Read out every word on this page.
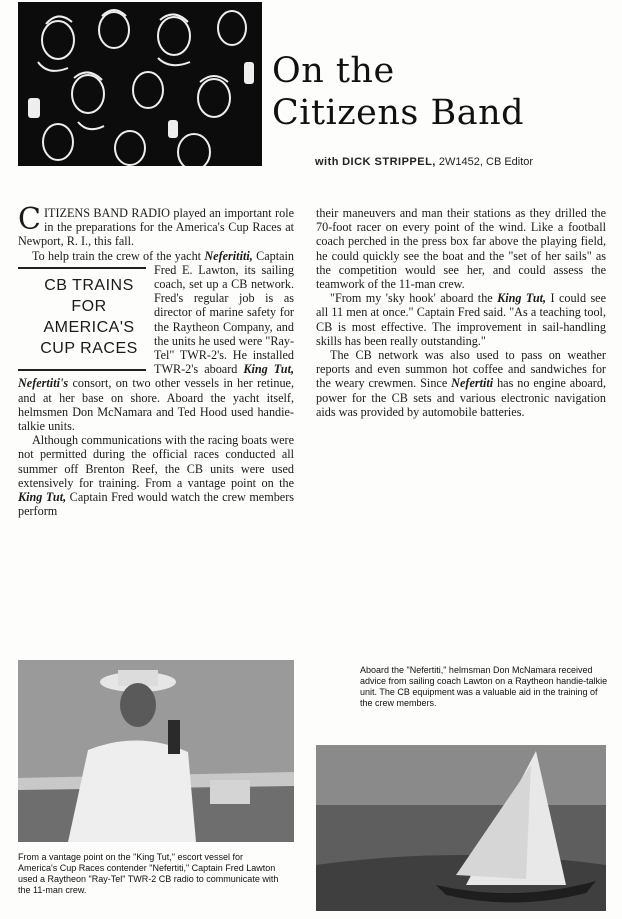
On the
Citizens Band
with DICK STRIPPEL, 2W1452, CB Editor

CITIZENS BAND RADIO played an important role in the preparations for the America's Cup Races at Newport, R. I., this fall.

To help train the crew of the yacht Neferititi,
CB TRAINS
FOR
AMERICA'S
CUP RACES
Captain Fred E. Lawton, its sailing coach, set up a CB network. Fred's regular job is as director of marine safety for the Raytheon Company, and the units he used were "Ray-Tel" TWR-2's. He installed TWR-2's aboard King Tut, Nefertiti's consort, on two other vessels in her retinue, and at her base on shore. Aboard the yacht itself, helmsmen Don McNamara and Ted Hood used handie-talkie units.

Although communications with the racing boats were not permitted during the official races conducted all summer off Brenton Reef, the CB units were used extensively for training. From a vantage point on the King Tut, Captain Fred would watch the crew members perform

their maneuvers and man their stations as they drilled the 70-foot racer on every point of the wind. Like a football coach perched in the press box far above the playing field, he could quickly see the boat and the "set of her sails" as the competition would see her, and could assess the teamwork of the 11-man crew.

"From my 'sky hook' aboard the King Tut, I could see all 11 men at once." Captain Fred said. "As a teaching tool, CB is most effective. The improvement in sail-handling skills has been really outstanding."

The CB network was also used to pass on weather reports and even summon hot coffee and sandwiches for the weary crewmen. Since Nefertiti has no engine aboard, power for the CB sets and various electronic navigation aids was provided by automobile batteries.

From a vantage point on the "King Tut," escort vessel for America's Cup Races contender "Nefertiti," Captain Fred Lawton used a Raytheon "Ray-Tel" TWR-2 CB radio to communicate with the 11-man crew.
Aboard the "Nefertiti," helmsman Don McNamara received advice from sailing coach Lawton on a Raytheon handie-talkie unit. The CB equipment was a valuable aid in the training of the crew members.
